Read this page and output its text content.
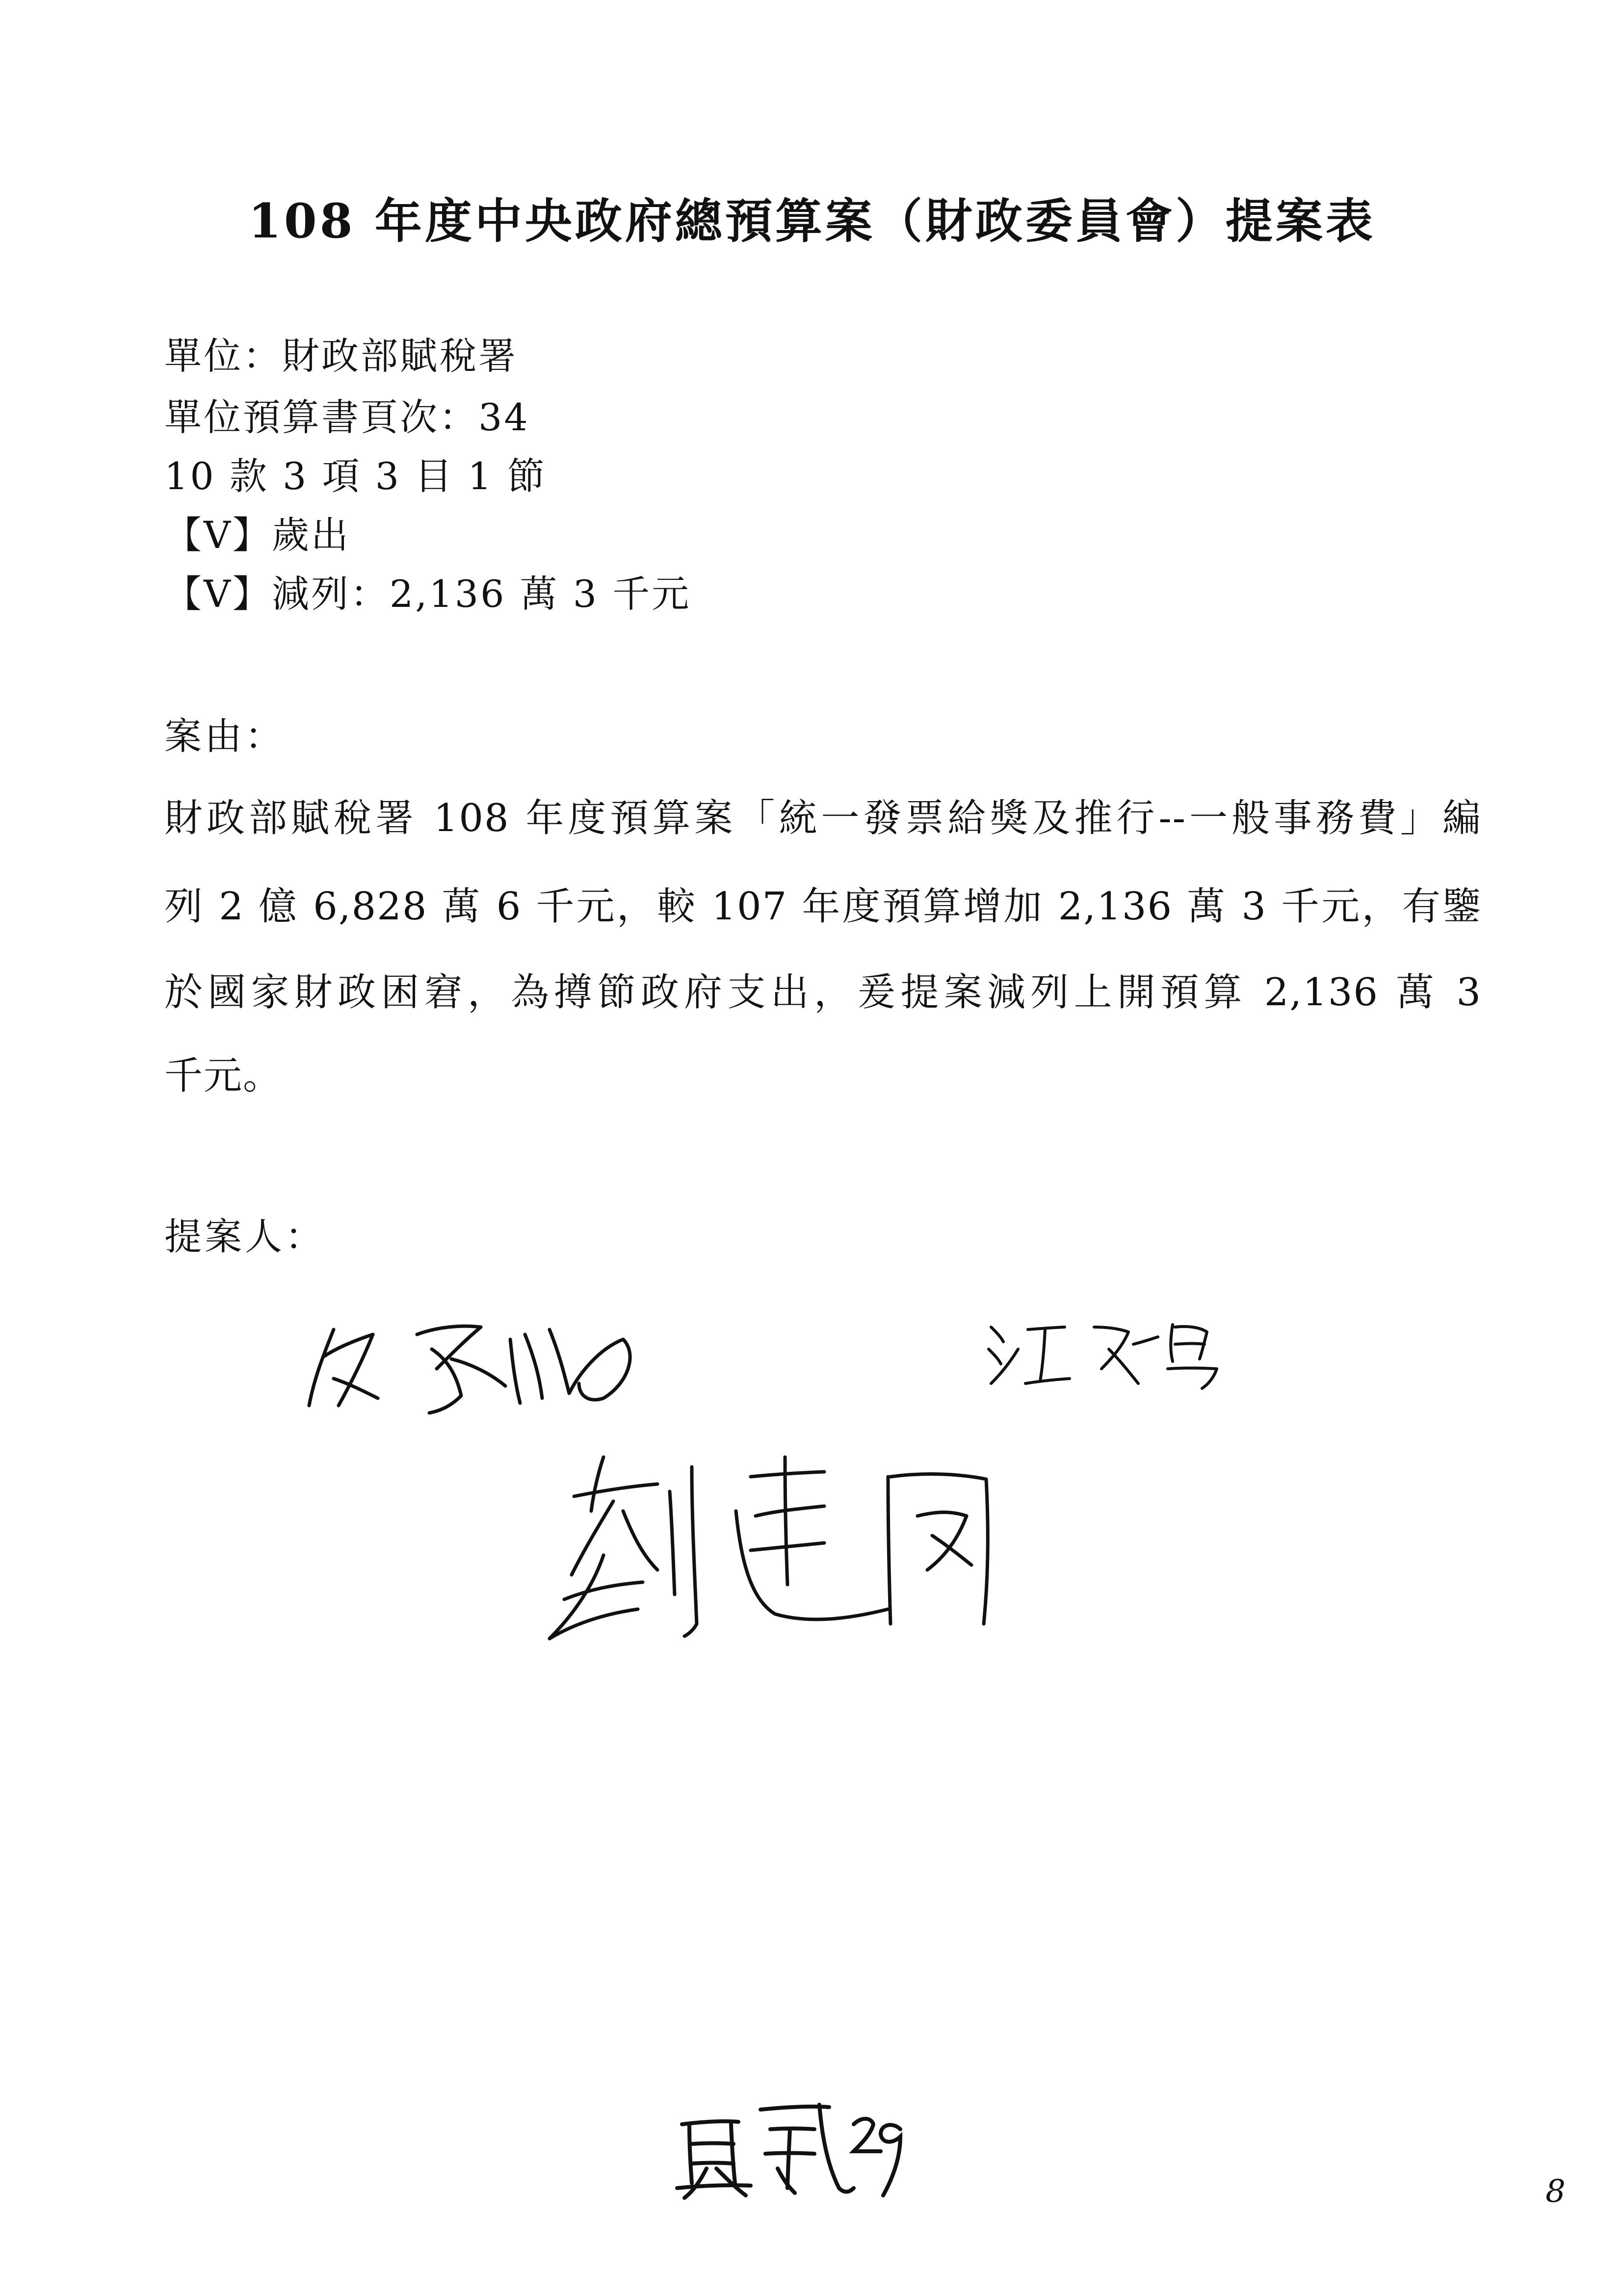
108 年度中央政府總預算案（財政委員會）提案表
單位：財政部賦稅署
單位預算書頁次：34
10 款 3 項 3 目 1 節
【V】歲出
【V】減列：2,136 萬 3 千元
案由：
財政部賦稅署 108 年度預算案「統一發票給獎及推行--一般事務費」編
列 2 億 6,828 萬 6 千元，較 107 年度預算增加 2,136 萬 3 千元，有鑒
於國家財政困窘，為撙節政府支出，爰提案減列上開預算 2,136 萬 3
千元。
提案人：
8
